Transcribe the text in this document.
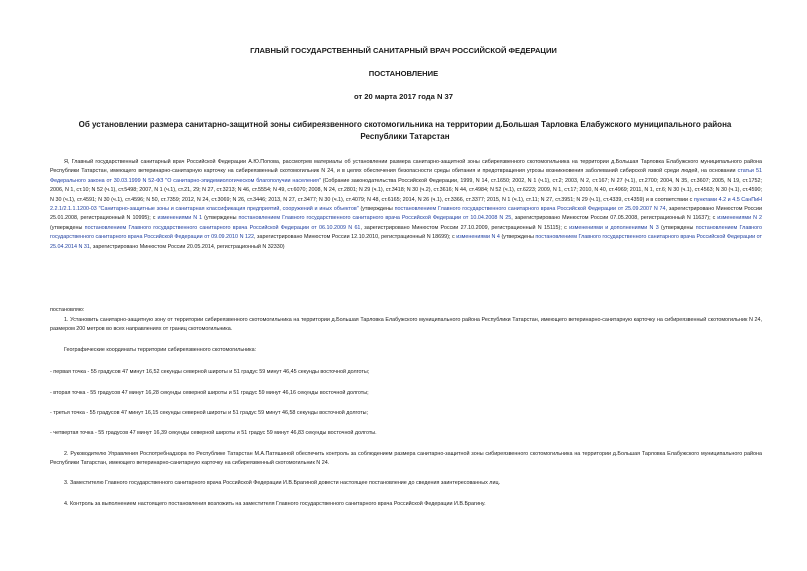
ГЛАВНЫЙ ГОСУДАРСТВЕННЫЙ САНИТАРНЫЙ ВРАЧ РОССИЙСКОЙ ФЕДЕРАЦИИ
ПОСТАНОВЛЕНИЕ
от 20 марта 2017 года N 37
Об установлении размера санитарно-защитной зоны сибиреязвенного скотомогильника на территории д.Большая Тарловка Елабужского муниципального района Республики Татарстан
Я, Главный государственный санитарный врач Российской Федерации А.Ю.Попова, рассмотрев материалы об установлении размера санитарно-защитной зоны сибиреязвенного скотомогильника на территории д.Большая Тарловка Елабужского муниципального района Республики Татарстан, имеющего ветеринарно-санитарную карточку на сибиреязвенный скотомогильник N 24, и в целях обеспечения безопасности среды обитания и предотвращения угрозы возникновения заболеваний сибирской язвой среди людей, на основании статьи 51 Федерального закона от 30.03.1999 N 52-ФЗ "О санитарно-эпидемиологическом благополучии населения" (Собрание законодательства Российской Федерации, 1999, N 14, ст.1650; 2002, N 1 (ч.1), ст.2; 2003, N 2, ст.167; N 27 (ч.1), ст.2700; 2004, N 35, ст.3607; 2005, N 19, ст.1752; 2006, N 1, ст.10; N 52 (ч.1), ст.5498; 2007, N 1 (ч.1), ст.21, 29; N 27, ст.3213; N 46, ст.5554; N 49, ст.6070; 2008, N 24, ст.2801; N 29 (ч.1), ст.3418; N 30 (ч.2), ст.3616; N 44, ст.4984; N 52 (ч.1), ст.6223; 2009, N 1, ст.17; 2010, N 40, ст.4969; 2011, N 1, ст.6; N 30 (ч.1), ст.4563; N 30 (ч.1), ст.4590; N 30 (ч.1), ст.4591; N 30 (ч.1), ст.4596; N 50, ст.7359; 2012, N 24, ст.3069; N 26, ст.3446; 2013, N 27, ст.3477; N 30 (ч.1), ст.4079; N 48, ст.6165; 2014, N 26 (ч.1), ст.3366, ст.3377; 2015, N 1 (ч.1), ст.11; N 27, ст.3951; N 29 (ч.1), ст.4339, ст.4359) и в соответствии с пунктами 4.2 и 4.5 СанПиН 2.2.1/2.1.1.1200-03 "Санитарно-защитные зоны и санитарная классификация предприятий, сооружений и иных объектов" (утверждены постановлением Главного государственного санитарного врача Российской Федерации от 25.09.2007 N 74, зарегистрировано Минюстом России 25.01.2008, регистрационный N 10995); с изменениями N 1 (утверждены постановлением Главного государственного санитарного врача Российской Федерации от 10.04.2008 N 25, зарегистрировано Минюстом России 07.05.2008, регистрационный N 11637); с изменениями N 2 (утверждены постановлением Главного государственного санитарного врача Российской Федерации от 06.10.2009 N 61, зарегистрировано Минюстом России 27.10.2009, регистрационный N 15115); с изменениями и дополнениями N 3 (утверждены постановлением Главного государственного санитарного врача Российской Федерации от 09.09.2010 N 122, зарегистрировано Минюстом России 12.10.2010, регистрационный N 18699); с изменениями N 4 (утверждены постановлением Главного государственного санитарного врача Российской Федерации от 25.04.2014 N 31, зарегистрировано Минюстом России 20.05.2014, регистрационный N 32330)
постановляю:
1. Установить санитарно-защитную зону от территории сибиреязвенного скотомогильника на территории д.Большая Тарловка Елабужского муниципального района Республики Татарстан, имеющего ветеринарно-санитарную карточку на сибиреязвенный скотомогильник N 24, размером 200 метров во всех направлениях от границ скотомогильника.
Географические координаты территории сибиреязвенного скотомогильника:
- первая точка - 55 градусов 47 минут 16,52 секунды северной широты и 51 градус 59 минут 46,45 секунды восточной долготы;
- вторая точка - 55 градусов 47 минут 16,28 секунды северной широты и 51 градус 59 минут 46,16 секунды восточной долготы;
- третья точка - 55 градусов 47 минут 16,15 секунды северной широты и 51 градус 59 минут 46,58 секунды восточной долготы;
- четвертая точка - 55 градусов 47 минут 16,39 секунды северной широты и 51 градус 59 минут 46,83 секунды восточной долготы.
2. Руководителю Управления Роспотребнадзора по Республике Татарстан М.А.Патяшиной обеспечить контроль за соблюдением размера санитарно-защитной зоны сибиреязвенного скотомогильника на территории д.Большая Тарловка Елабужского муниципального района Республики Татарстан, имеющего ветеринарно-санитарную карточку на сибиреязвенный скотомогильник N 24.
3. Заместителю Главного государственного санитарного врача Российской Федерации И.В.Брагиной довести настоящее постановление до сведения заинтересованных лиц.
4. Контроль за выполнением настоящего постановления возложить на заместителя Главного государственного санитарного врача Российской Федерации И.В.Брагину.
